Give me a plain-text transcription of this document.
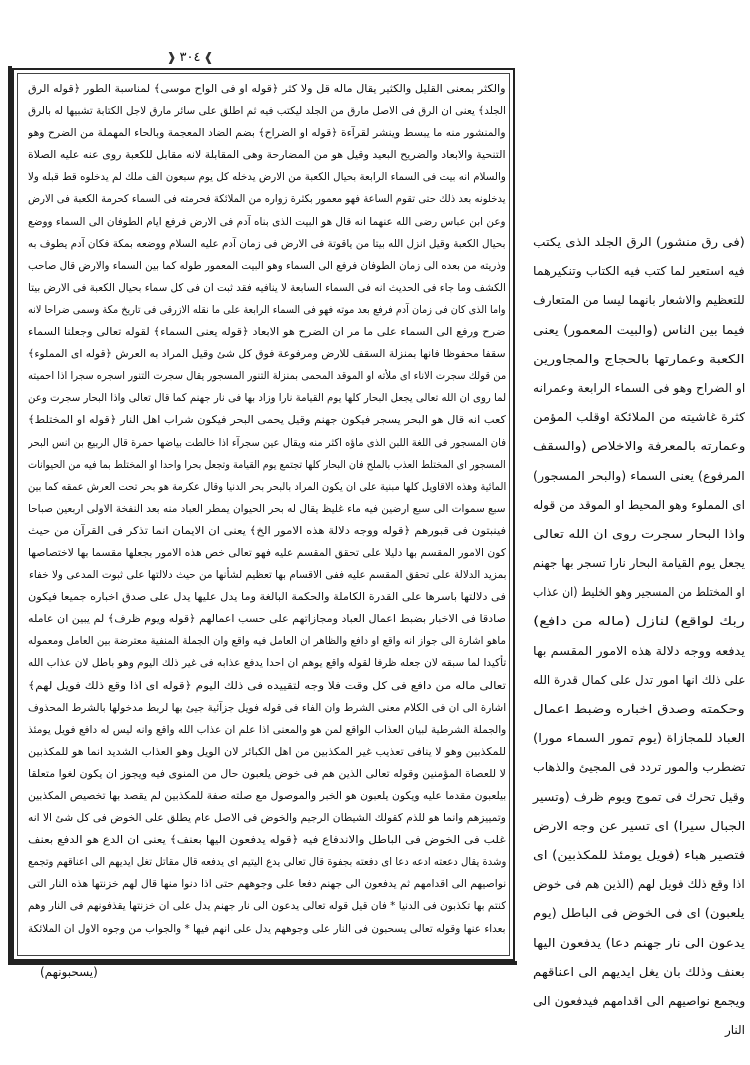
❱
٣٠٤
❰
والكثر بمعنى القليل والكثير يقال ماله قل ولا كثر ﴿قوله او فى الواح موسى﴾ لمناسبة الطور ﴿قوله الرق
الجلد﴾ يعنى ان الرق فى الاصل مارق من الجلد ليكتب فيه ثم اطلق على سائر مارق لاجل الكتابة تشبيها له بالرق
والمنشور منه ما يبسط وينشر لقرآءة ﴿قوله او الضراح﴾ بضم الضاد المعجمة وبالحاء المهملة من الضرح وهو
التنحية والابعاد والضريح البعيد وقيل هو من المضارحة وهى المقابلة لانه مقابل للكعبة روى عنه عليه الصلاة
والسلام انه بيت فى السماء الرابعة بحيال الكعبة من الارض يدخله كل يوم سبعون الف ملك لم يدخلوه قط قبله ولا
يدخلونه بعد ذلك حتى تقوم الساعة فهو معمور بكثرة زواره من الملائكة فحرمته فى السماء كحرمة الكعبة فى الارض
وعن ابن عباس رضى الله عنهما انه قال هو البيت الذى بناه آدم فى الارض فرفع ايام الطوفان الى السماء ووضع
بحيال الكعبة وقيل انزل الله بيتا من ياقوتة فى الارض فى زمان آدم عليه السلام ووضعه بمكة فكان آدم يطوف به
وذريته من بعده الى زمان الطوفان فرفع الى السماء وهو البيت المعمور طوله كما بين السماء والارض قال صاحب
الكشف وما جاء فى الحديث انه فى السماء السابعة لا ينافيه فقد ثبت ان فى كل سماء بحيال الكعبة فى الارض بيتا
واما الذى كان فى زمان آدم فرفع بعد موته فهو فى السماء الرابعة على ما نقله الازرقى فى تاريخ مكة وسمى ضراحا لانه
ضرح ورفع الى السماء على ما مر ان الضرح هو الابعاد ﴿قوله يعنى السماء﴾ لقوله تعالى وجعلنا السماء
سقفا محفوظا فانها بمنزلة السقف للارض ومرفوعة فوق كل شئ وقيل المراد به العرش ﴿قوله اى المملوء﴾
من قولك سجرت الاناء اى ملأته او الموقد المحمى بمنزلة التنور المسجور يقال سجرت التنور اسجره سجرا اذا احميته
لما روى ان الله تعالى يجعل البحار كلها يوم القيامة نارا وزاد بها فى نار جهنم كما قال تعالى واذا البحار سجرت وعن
كعب انه قال هو البحر يسجر فيكون جهنم وقيل يحمى البحر فيكون شراب اهل النار ﴿قوله او المختلط﴾
فان المسجور فى اللغة اللبن الذى ماؤه اكثر منه ويقال عين سجرآء اذا خالطت بياضها حمرة قال الربيع بن انس البحر
المسجور اى المختلط العذب بالملح فان البحار كلها تجتمع يوم القيامة وتجعل بحرا واحدا او المختلط بما فيه من الحيوانات
المائية وهذه الاقاويل كلها مبنية على ان يكون المراد بالبحر بحر الدنيا وقال عكرمة هو بحر تحت العرش عمقه كما بين
سبع سموات الى سبع ارضين فيه ماء غليظ يقال له بحر الحيوان يمطر العباد منه بعد النفخة الاولى اربعين صباحا
فينبتون فى قبورهم ﴿قوله ووجه دلالة هذه الامور الخ﴾ يعنى ان الايمان انما تذكر فى القرآن من حيث
كون الامور المقسم بها دليلا على تحقق المقسم عليه فهو تعالى خص هذه الامور بجعلها مقسما بها لاختصاصها
بمزيد الدلالة على تحقق المقسم عليه ففى الاقسام بها تعظيم لشأنها من حيث دلالتها على ثبوت المدعى ولا خفاء
فى دلالتها باسرها على القدرة الكاملة والحكمة البالغة وما يدل عليها يدل على صدق اخباره جميعا فيكون
صادقا فى الاخبار بضبط اعمال العباد ومجازاتهم على حسب اعمالهم ﴿قوله ويوم ظرف﴾ لم يبين ان عامله
ماهو اشارة الى جواز انه واقع او دافع والظاهر ان العامل فيه واقع وان الجملة المنفية معترضة بين العامل ومعموله
تأكيدا لما سبقه لان جعله ظرفا لقوله واقع يوهم ان احدا يدفع عذابه فى غير ذلك اليوم وهو باطل لان عذاب الله
تعالى ماله من دافع فى كل وقت فلا وجه لتقييده فى ذلك اليوم ﴿قوله اى اذا وقع ذلك فويل لهم﴾
اشارة الى ان فى الكلام معنى الشرط وان الفاء فى قوله فويل جزآئية جيئ بها لربط مدخولها بالشرط المحذوف
والجملة الشرطية لبيان العذاب الواقع لمن هو والمعنى اذا علم ان عذاب الله واقع وانه ليس له دافع فويل يومئذ
للمكذبين وهو لا ينافى تعذيب غير المكذبين من اهل الكبائر لان الويل وهو العذاب الشديد انما هو للمكذبين
لا للعصاة المؤمنين وقوله تعالى الذين هم فى خوض يلعبون حال من المنوى فيه ويجوز ان يكون لغوا متعلقا
بيلعبون مقدما عليه ويكون يلعبون هو الخبر والموصول مع صلته صفة للمكذبين لم يقصد بها تخصيص المكذبين
وتمييزهم وانما هو للذم كقولك الشيطان الرجيم والخوض فى الاصل عام يطلق على الخوض فى كل شئ الا انه
غلب فى الخوض فى الباطل والاندفاع فيه ﴿قوله يدفعون اليها بعنف﴾ يعنى ان الدع هو الدفع بعنف
وشدة يقال دععته ادعه دعا اى دفعته بجفوة قال تعالى يدع اليتيم اى يدفعه قال مقاتل تغل ايديهم الى اعناقهم وتجمع
نواصيهم الى اقدامهم ثم يدفعون الى جهنم دفعا على وجوههم حتى اذا دنوا منها قال لهم خزنتها هذه النار التى
كنتم بها تكذبون فى الدنيا * فان قيل قوله تعالى يدعون الى نار جهنم يدل على ان خزنتها يقذفونهم فى النار وهم
بعداء عنها وقوله تعالى يسحبون فى النار على وجوههم يدل على انهم فيها * والجواب من وجوه الاول ان الملائكة
(فى رق منشور) الرق الجلد الذى يكتب
فيه استعير لما كتب فيه الكتاب وتنكيرهما
للتعظيم والاشعار بانهما ليسا من المتعارف
فيما بين الناس (والبيت المعمور) يعنى
الكعبة وعمارتها بالحجاج والمجاورين
او الضراح وهو فى السماء الرابعة وعمرانه
كثرة غاشيته من الملائكة اوقلب المؤمن
وعمارته بالمعرفة والاخلاص (والسقف
المرفوع) يعنى السماء (والبحر المسجور)
اى المملوء وهو المحيط او الموقد من قوله
واذا البحار سجرت روى ان الله تعالى
يجعل يوم القيامة البحار نارا تسجر بها جهنم
او المختلط من المسجير وهو الخليط (ان عذاب
ربك لواقع) لنازل (ماله من دافع)
يدفعه ووجه دلالة هذه الامور المقسم بها
على ذلك انها امور تدل على كمال قدرة الله
وحكمته وصدق اخباره وضبط اعمال
العباد للمجازاة (يوم تمور السماء مورا)
تضطرب والمور تردد فى المجيئ والذهاب
وقيل تحرك فى تموج ويوم ظرف (وتسير
الجبال سيرا) اى تسير عن وجه الارض
فتصير هباء (فويل يومئذ للمكذبين) اى
اذا وقع ذلك فويل لهم (الذين هم فى خوض
يلعبون) اى فى الخوض فى الباطل (يوم
يدعون الى نار جهنم دعا) يدفعون اليها
بعنف وذلك بان يغل ايديهم الى اعناقهم
ويجمع نواصيهم الى اقدامهم فيدفعون الى
النار
(يسحبونهم)
